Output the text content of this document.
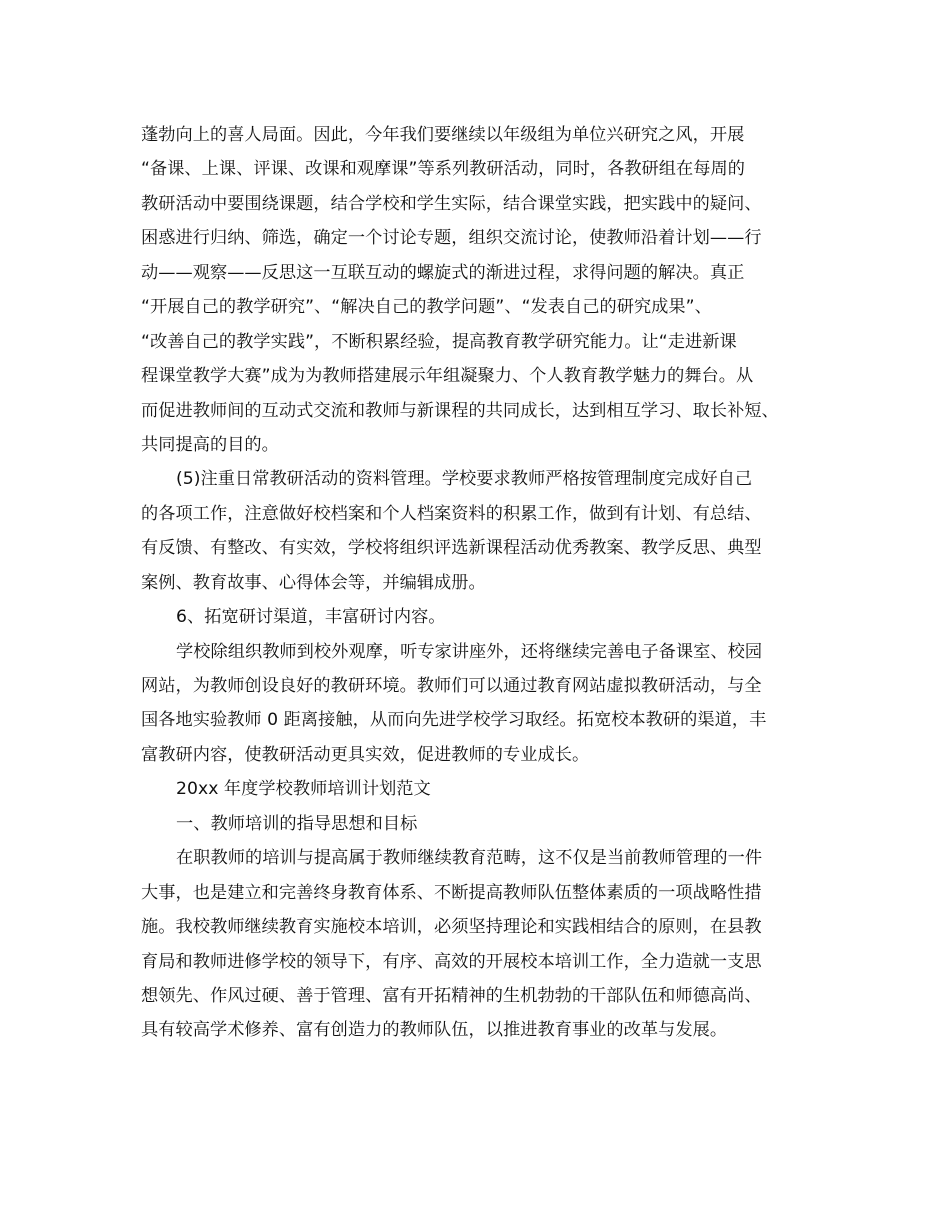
蓬勃向上的喜人局面。因此，今年我们要继续以年级组为单位兴研究之风，开展
“备课、上课、评课、改课和观摩课”等系列教研活动，同时，各教研组在每周的
教研活动中要围绕课题，结合学校和学生实际，结合课堂实践，把实践中的疑问、
困惑进行归纳、筛选，确定一个讨论专题，组织交流讨论，使教师沿着计划——行
动——观察——反思这一互联互动的螺旋式的渐进过程，求得问题的解决。真正
“开展自己的教学研究”、“解决自己的教学问题”、“发表自己的研究成果”、
“改善自己的教学实践”，不断积累经验，提高教育教学研究能力。让“走进新课
程课堂教学大赛”成为为教师搭建展示年组凝聚力、个人教育教学魅力的舞台。从
而促进教师间的互动式交流和教师与新课程的共同成长，达到相互学习、取长补短、
共同提高的目的。
(5)注重日常教研活动的资料管理。学校要求教师严格按管理制度完成好自己
的各项工作，注意做好校档案和个人档案资料的积累工作，做到有计划、有总结、
有反馈、有整改、有实效，学校将组织评选新课程活动优秀教案、教学反思、典型
案例、教育故事、心得体会等，并编辑成册。
6、拓宽研讨渠道，丰富研讨内容。
学校除组织教师到校外观摩，听专家讲座外，还将继续完善电子备课室、校园
网站，为教师创设良好的教研环境。教师们可以通过教育网站虚拟教研活动，与全
国各地实验教师 0 距离接触，从而向先进学校学习取经。拓宽校本教研的渠道，丰
富教研内容，使教研活动更具实效，促进教师的专业成长。
20xx 年度学校教师培训计划范文
一、教师培训的指导思想和目标
在职教师的培训与提高属于教师继续教育范畴，这不仅是当前教师管理的一件
大事，也是建立和完善终身教育体系、不断提高教师队伍整体素质的一项战略性措
施。我校教师继续教育实施校本培训，必须坚持理论和实践相结合的原则，在县教
育局和教师进修学校的领导下，有序、高效的开展校本培训工作，全力造就一支思
想领先、作风过硬、善于管理、富有开拓精神的生机勃勃的干部队伍和师德高尚、
具有较高学术修养、富有创造力的教师队伍，以推进教育事业的改革与发展。
